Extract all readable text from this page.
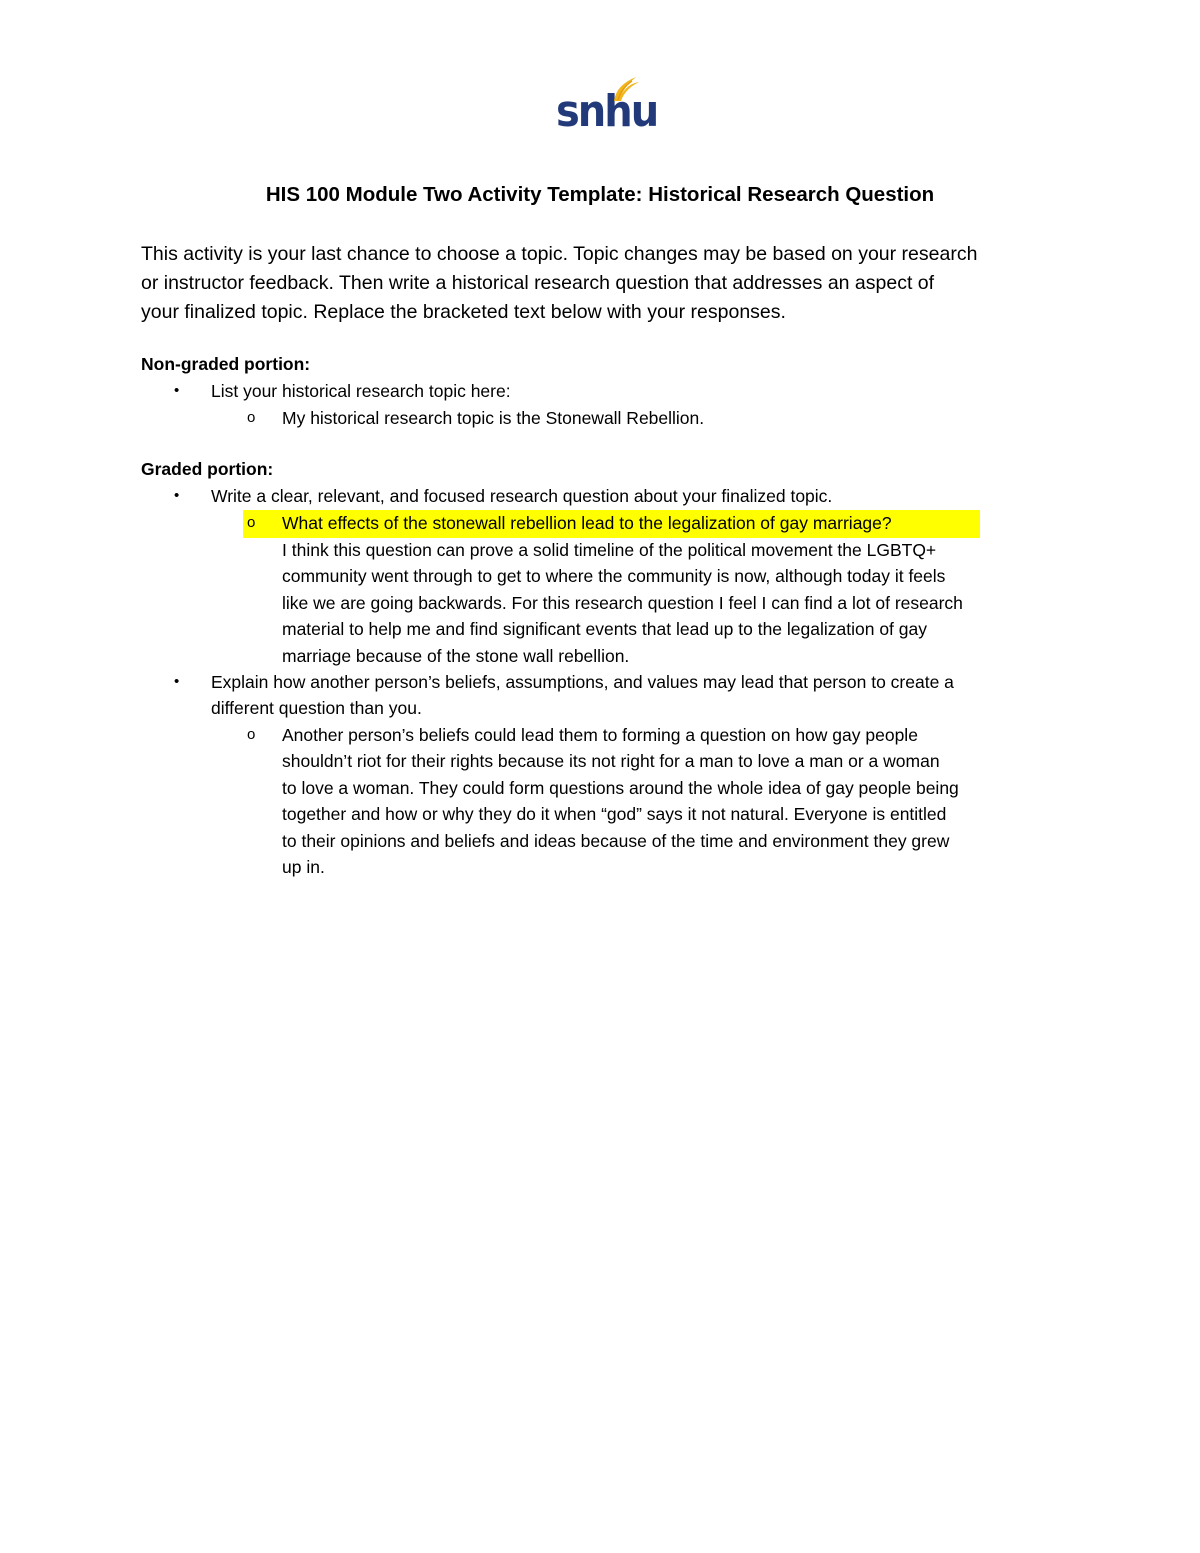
snhu
HIS 100 Module Two Activity Template: Historical Research Question
This activity is your last chance to choose a topic. Topic changes may be based on your research
or instructor feedback. Then write a historical research question that addresses an aspect of
your finalized topic. Replace the bracketed text below with your responses.
Non-graded portion:
• List your historical research topic here:
o My historical research topic is the Stonewall Rebellion.
Graded portion:
• Write a clear, relevant, and focused research question about your finalized topic.
o What effects of the stonewall rebellion lead to the legalization of gay marriage?
I think this question can prove a solid timeline of the political movement the LGBTQ+
community went through to get to where the community is now, although today it feels
like we are going backwards. For this research question I feel I can find a lot of research
material to help me and find significant events that lead up to the legalization of gay
marriage because of the stone wall rebellion.
• Explain how another person’s beliefs, assumptions, and values may lead that person to create a
different question than you.
o Another person’s beliefs could lead them to forming a question on how gay people
shouldn’t riot for their rights because its not right for a man to love a man or a woman
to love a woman. They could form questions around the whole idea of gay people being
together and how or why they do it when “god” says it not natural. Everyone is entitled
to their opinions and beliefs and ideas because of the time and environment they grew
up in.
